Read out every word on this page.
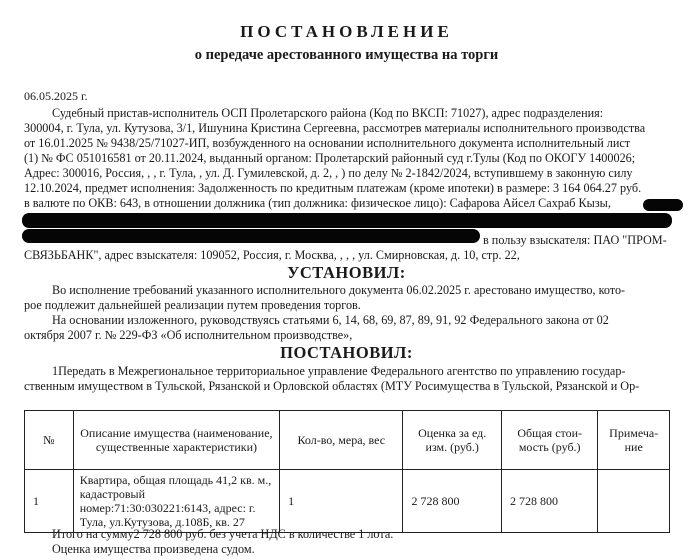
ПОСТАНОВЛЕНИЕ
о передаче арестованного имущества на торги
06.05.2025 г.
Судебный пристав-исполнитель ОСП Пролетарского района (Код по ВКСП: 71027), адрес подразделения:
300004, г. Тула, ул. Кутузова, 3/1, Ишунина Кристина Сергеевна, рассмотрев материалы исполнительного производства
от 16.01.2025 № 9438/25/71027-ИП, возбужденного на основании исполнительного документа исполнительный лист
(1) № ФС 051016581 от 20.11.2024, выданный органом: Пролетарский районный суд г.Тулы (Код по ОКОГУ 1400026;
Адрес: 300016, Россия, , , г. Тула, , ул. Д. Гумилевской, д. 2, , ) по делу № 2-1842/2024, вступившему в законную силу
12.10.2024, предмет исполнения: Задолженность по кредитным платежам (кроме ипотеки) в размере: 3 164 064.27 руб.
в валюте по ОКВ: 643, в отношении должника (тип должника: физическое лицо): Сафарова Айсел Сахраб Кызы,
в пользу взыскателя: ПАО "ПРОМ-
СВЯЗЬБАНК", адрес взыскателя: 109052, Россия, г. Москва, , , , ул. Смирновская, д. 10, стр. 22,
УСТАНОВИЛ:
Во исполнение требований указанного исполнительного документа 06.02.2025 г. арестовано имущество, кото-
рое подлежит дальнейшей реализации путем проведения торгов.
На основании изложенного, руководствуясь статьями 6, 14, 68, 69, 87, 89, 91, 92 Федерального закона от 02
октября 2007 г. № 229-ФЗ «Об исполнительном производстве»,
ПОСТАНОВИЛ:
1Передать в Межрегиональное территориальное управление Федерального агентство по управлению государ-
ственным имуществом в Тульской, Рязанской и Орловской областях (МТУ Росимущества в Тульской, Рязанской и Ор-
№	Описание имущества (наименование, существенные характеристики)	Кол-во, мера, вес	Оценка за ед. изм. (руб.)	Общая стои-мость (руб.)	Примеча-ние
1	Квартира, общая площадь 41,2 кв. м., кадастровый номер:71:30:030221:6143, адрес: г. Тула, ул.Кутузова, д.108Б, кв. 27	1	2 728 800	2 728 800	
Итого на сумму2 728 800 руб. без учета НДС в количестве 1 лота.
Оценка имущества произведена судом.
